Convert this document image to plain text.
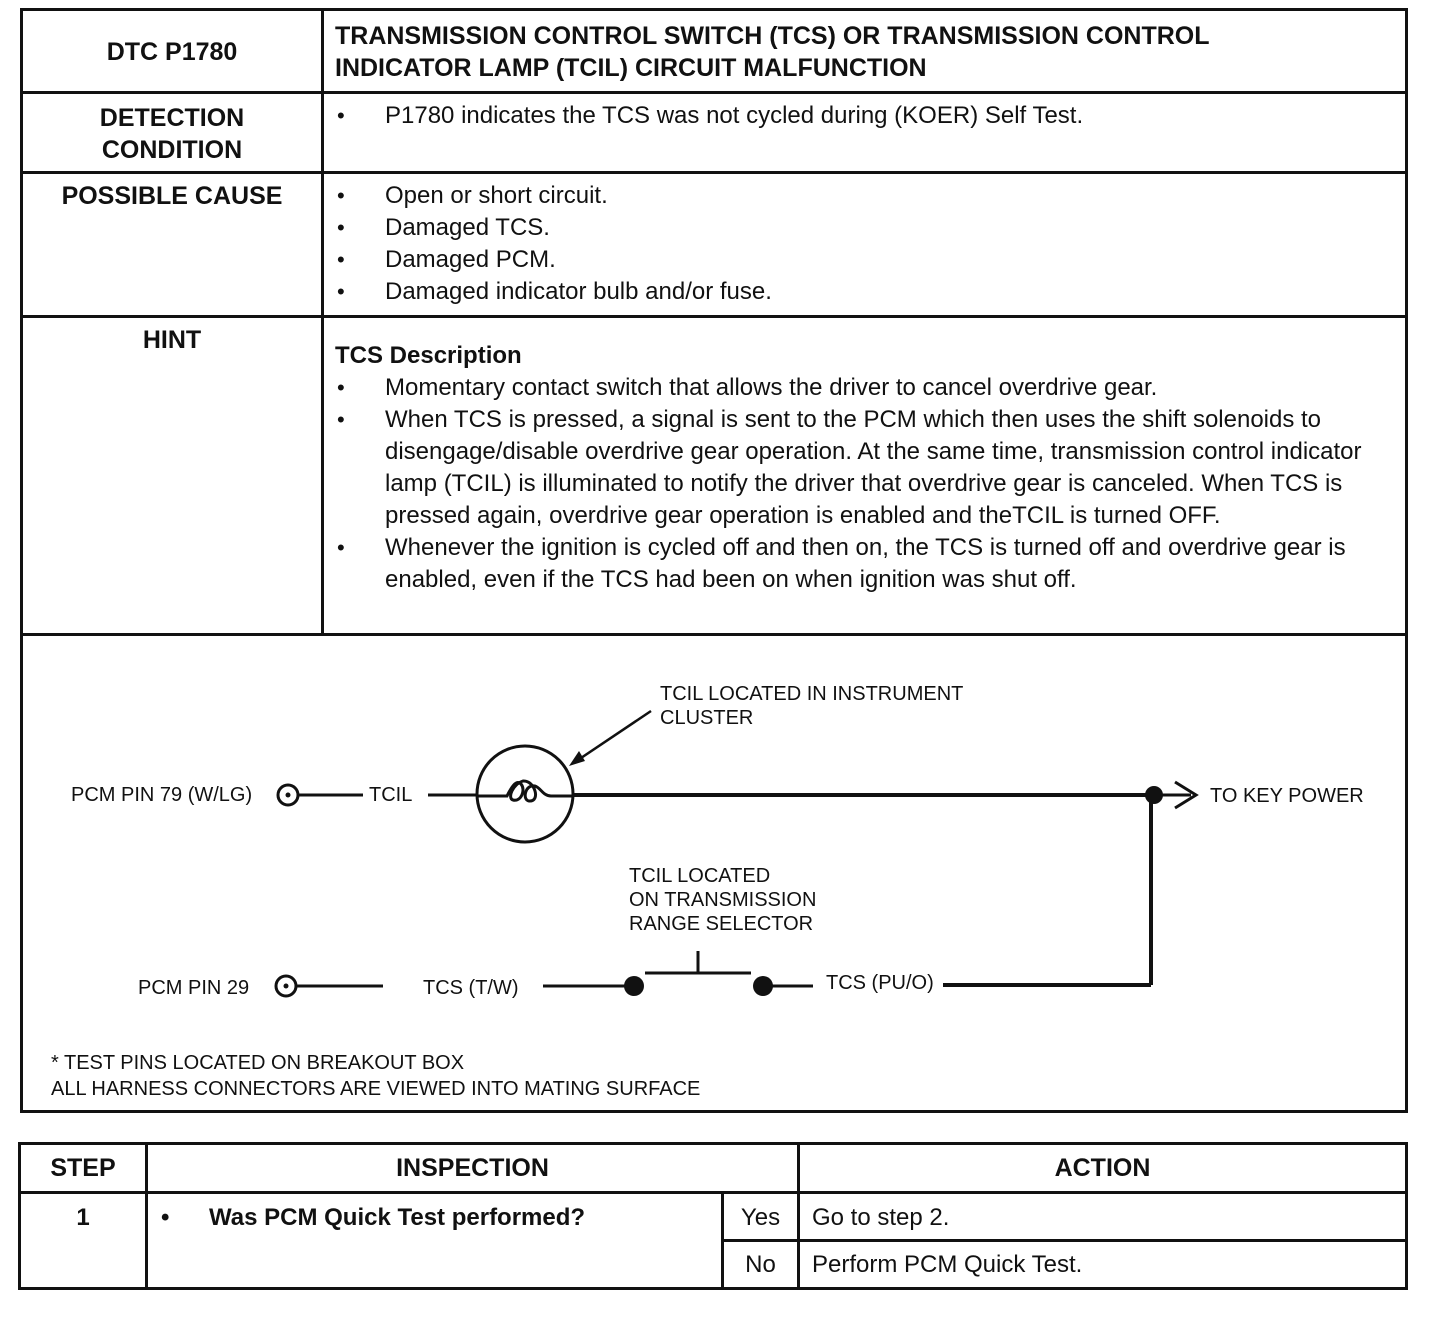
DTC P1780
TRANSMISSION CONTROL SWITCH (TCS) OR TRANSMISSION CONTROL INDICATOR LAMP (TCIL) CIRCUIT MALFUNCTION
DETECTION
CONDITION
• P1780 indicates the TCS was not cycled during (KOER) Self Test.
POSSIBLE CAUSE
•	Open or short circuit.
• Damaged TCS.
• Damaged PCM.
• Damaged indicator bulb and/or fuse.
HINT
TCS Description
• Momentary contact switch that allows the driver to cancel overdrive gear.
• When TCS is pressed, a signal is sent to the PCM which then uses the shift solenoids to disengage/disable overdrive gear operation. At the same time, transmission control indicator lamp (TCIL) is illuminated to notify the driver that overdrive gear is canceled. When TCS is pressed again, overdrive gear operation is enabled and theTCIL is turned OFF.
• Whenever the ignition is cycled off and then on, the TCS is turned off and overdrive gear is enabled, even if the TCS had been on when ignition was shut off.
TCIL LOCATED IN INSTRUMENT
CLUSTER
PCM PIN 79 (W/LG)	TCIL	TO KEY POWER
TCIL LOCATED
ON TRANSMISSION
RANGE SELECTOR
PCM PIN 29	TCS (T/W)	TCS (PU/O)
* TEST PINS LOCATED ON BREAKOUT BOX
ALL HARNESS CONNECTORS ARE VIEWED INTO MATING SURFACE
STEP	INSPECTION	ACTION
1	• Was PCM Quick Test performed?	Yes	Go to step 2.
No	Perform PCM Quick Test.
